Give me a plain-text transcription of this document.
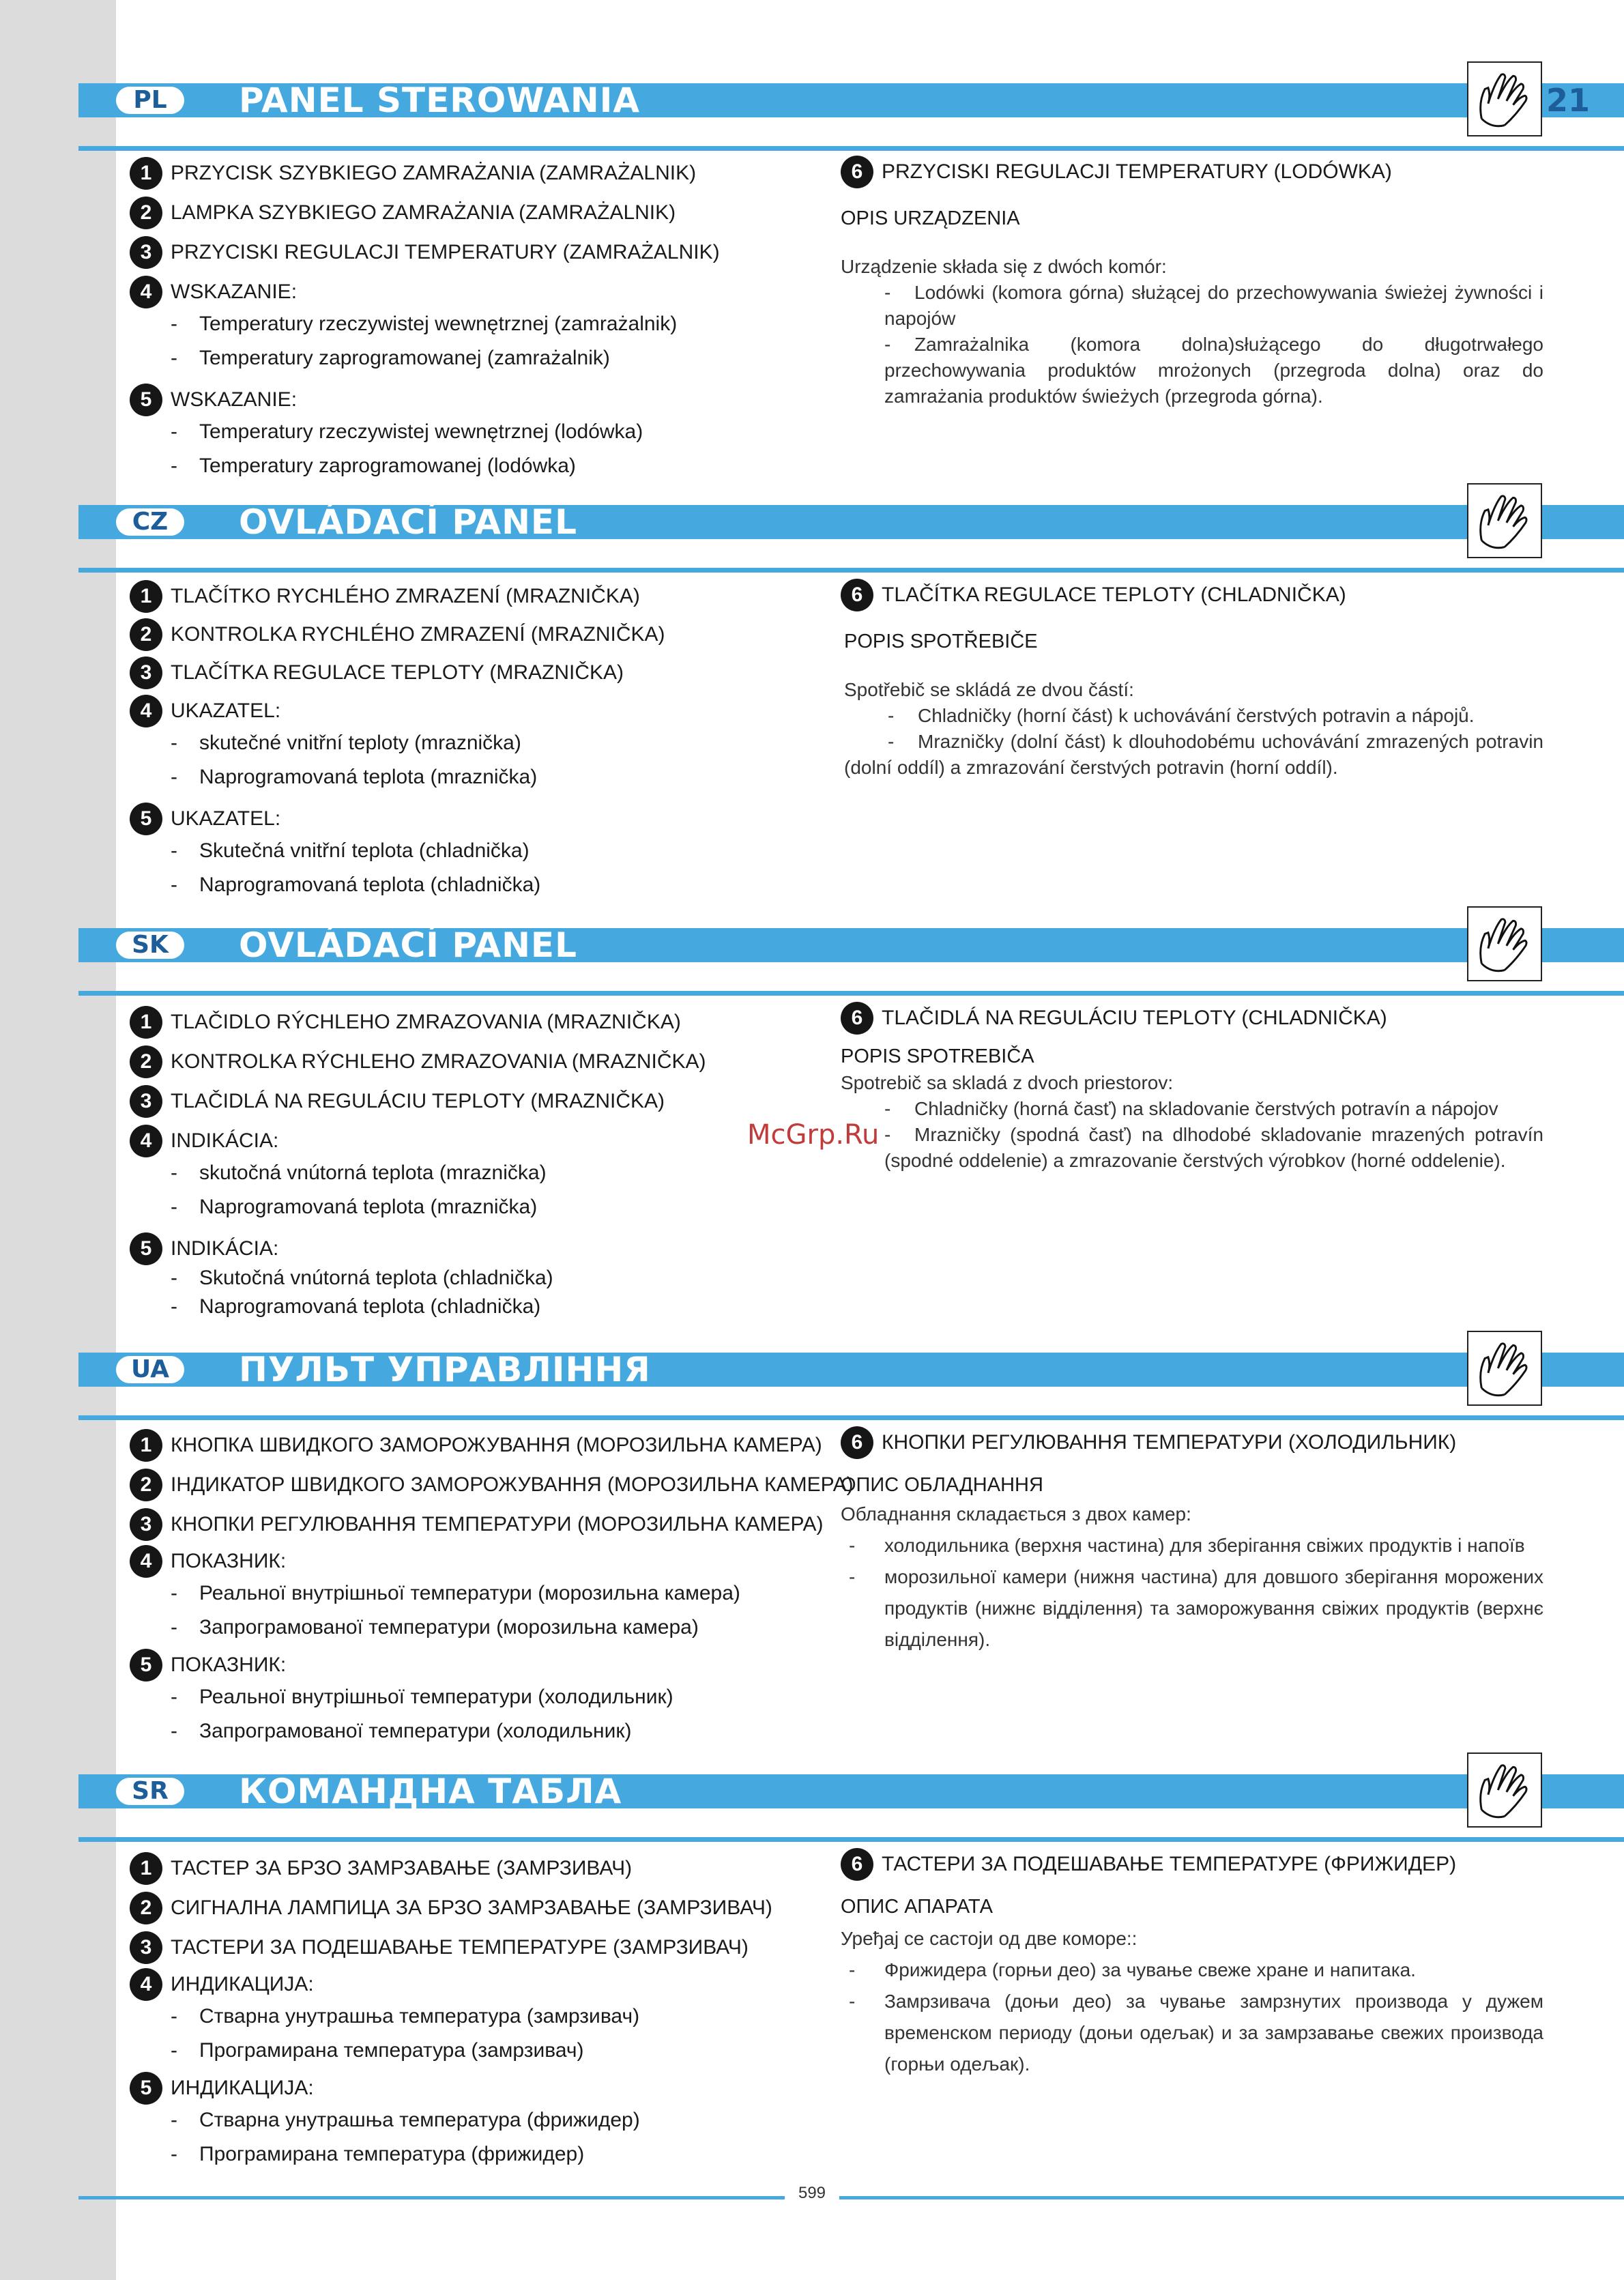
PL	PANEL STEROWANIA	21
1 PRZYCISK SZYBKIEGO ZAMRAŻANIA (ZAMRAŻALNIK)
2 LAMPKA SZYBKIEGO ZAMRAŻANIA (ZAMRAŻALNIK)
3 PRZYCISKI REGULACJI TEMPERATURY (ZAMRAŻALNIK)
4 WSKAZANIE:
- Temperatury rzeczywistej wewnętrznej (zamrażalnik)
- Temperatury zaprogramowanej (zamrażalnik)
5 WSKAZANIE:
- Temperatury rzeczywistej wewnętrznej (lodówka)
- Temperatury zaprogramowanej (lodówka)
6 PRZYCISKI REGULACJI TEMPERATURY (LODÓWKA)
OPIS URZĄDZENIA
Urządzenie składa się z dwóch komór:
-	Lodówki (komora górna) służącej do przechowywania świeżej żywności i napojów
-	Zamrażalnika (komora dolna)służącego do długotrwałego przechowywania produktów mrożonych (przegroda dolna) oraz do zamrażania produktów świeżych (przegroda górna).
CZ	OVLÁDACÍ PANEL
1 TLAČÍTKO RYCHLÉHO ZMRAZENÍ (MRAZNIČKA)
2 KONTROLKA RYCHLÉHO ZMRAZENÍ (MRAZNIČKA)
3 TLAČÍTKA REGULACE TEPLOTY (MRAZNIČKA)
4 UKAZATEL:
- skutečné vnitřní teploty (mraznička)
- Naprogramovaná teplota (mraznička)
5 UKAZATEL:
- Skutečná vnitřní teplota (chladnička)
- Naprogramovaná teplota (chladnička)
6 TLAČÍTKA REGULACE TEPLOTY (CHLADNIČKA)
POPIS SPOTŘEBIČE
Spotřebič se skládá ze dvou částí:
-	Chladničky (horní část) k uchovávání čerstvých potravin a nápojů.
-	Mrazničky (dolní část) k dlouhodobému uchovávání zmrazených potravin (dolní oddíl) a zmrazování čerstvých potravin (horní oddíl).
SK	OVLÁDACÍ PANEL
1 TLAČIDLO RÝCHLEHO ZMRAZOVANIA (MRAZNIČKA)
2 KONTROLKA RÝCHLEHO ZMRAZOVANIA (MRAZNIČKA)
3 TLAČIDLÁ NA REGULÁCIU TEPLOTY (MRAZNIČKA)
4 INDIKÁCIA:
- skutočná vnútorná teplota (mraznička)
- Naprogramovaná teplota (mraznička)
5 INDIKÁCIA:
- Skutočná vnútorná teplota (chladnička)
- Naprogramovaná teplota (chladnička)
6 TLAČIDLÁ NA REGULÁCIU TEPLOTY (CHLADNIČKA)
POPIS SPOTREBIČA
Spotrebič sa skladá z dvoch priestorov:
-	Chladničky (horná časť) na skladovanie čerstvých potravín a nápojov
-	Mrazničky (spodná časť) na dlhodobé skladovanie mrazených potravín (spodné oddelenie) a zmrazovanie čerstvých výrobkov (horné oddelenie).
UA	ПУЛЬТ УПРАВЛІННЯ
1 КНОПКА ШВИДКОГО ЗАМОРОЖУВАННЯ (МОРОЗИЛЬНА КАМЕРА)
2 ІНДИКАТОР ШВИДКОГО ЗАМОРОЖУВАННЯ (МОРОЗИЛЬНА КАМЕРА)
3 КНОПКИ РЕГУЛЮВАННЯ ТЕМПЕРАТУРИ (МОРОЗИЛЬНА КАМЕРА)
4 ПОКАЗНИК:
- Реальної внутрішньої температури (морозильна камера)
- Запрограмованої температури (морозильна камера)
5 ПОКАЗНИК:
- Реальної внутрішньої температури (холодильник)
- Запрограмованої температури (холодильник)
6 КНОПКИ РЕГУЛЮВАННЯ ТЕМПЕРАТУРИ (ХОЛОДИЛЬНИК)
ОПИС ОБЛАДНАННЯ
Обладнання складається з двох камер:
-	холодильника (верхня частина) для зберігання свіжих продуктів і напоїв
-	морозильної камери (нижня частина) для довшого зберігання морожених продуктів (нижнє відділення) та заморожування свіжих продуктів (верхнє відділення).
SR	КОМАНДНА ТАБЛА
1 ТАСТЕР ЗА БРЗО ЗАМРЗАВАЊЕ (ЗАМРЗИВАЧ)
2 СИГНАЛНА ЛАМПИЦА ЗА БРЗО ЗАМРЗАВАЊЕ (ЗАМРЗИВАЧ)
3 ТАСТЕРИ ЗА ПОДЕШАВАЊЕ ТЕМПЕРАТУРЕ (ЗАМРЗИВАЧ)
4 ИНДИКАЦИЈА:
- Стварна унутрашња температура (замрзивач)
- Програмирана температура (замрзивач)
5 ИНДИКАЦИЈА:
- Стварна унутрашња температура (фрижидер)
- Програмирана температура (фрижидер)
6 ТАСТЕРИ ЗА ПОДЕШАВАЊЕ ТЕМПЕРАТУРЕ (ФРИЖИДЕР)
ОПИС АПАРАТА
Уређај се састоји од две коморе::
-	Фрижидера (горњи део) за чување свеже хране и напитака.
-	Замрзивача (доњи део) за чување замрзнутих производа у дужем временском периоду (доњи одељак) и за замрзавање свежих производа (горњи одељак).
McGrp.Ru
599
